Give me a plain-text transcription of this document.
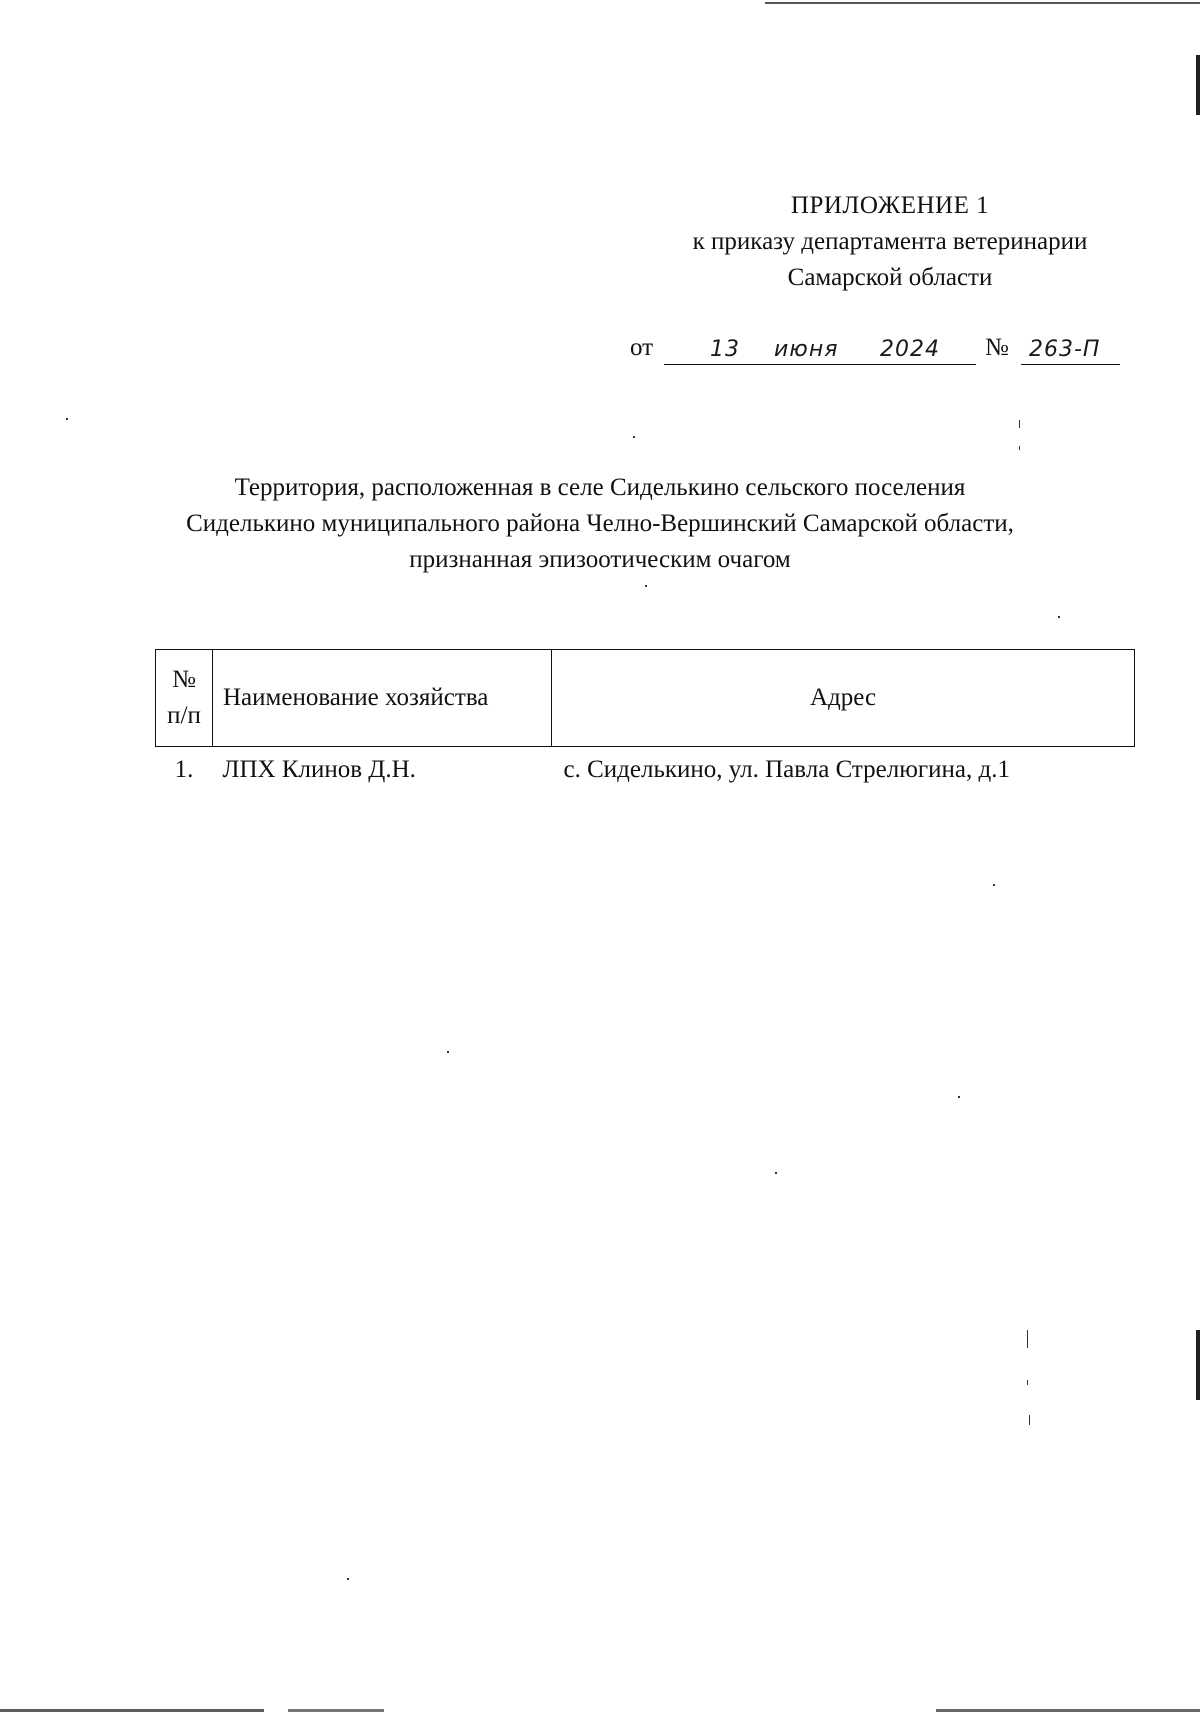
ПРИЛОЖЕНИЕ 1
к приказу департамента ветеринарии
Самарской области
от	13 июня 2024 № 263-П
Территория, расположенная в селе Сиделькино сельского поселения
Сиделькино муниципального района Челно-Вершинский Самарской области,
признанная эпизоотическим очагом
№
п/п	Наименование хозяйства	Адрес
1.	ЛПХ Клинов Д.Н.	с. Сиделькино, ул. Павла Стрелюгина, д.1
